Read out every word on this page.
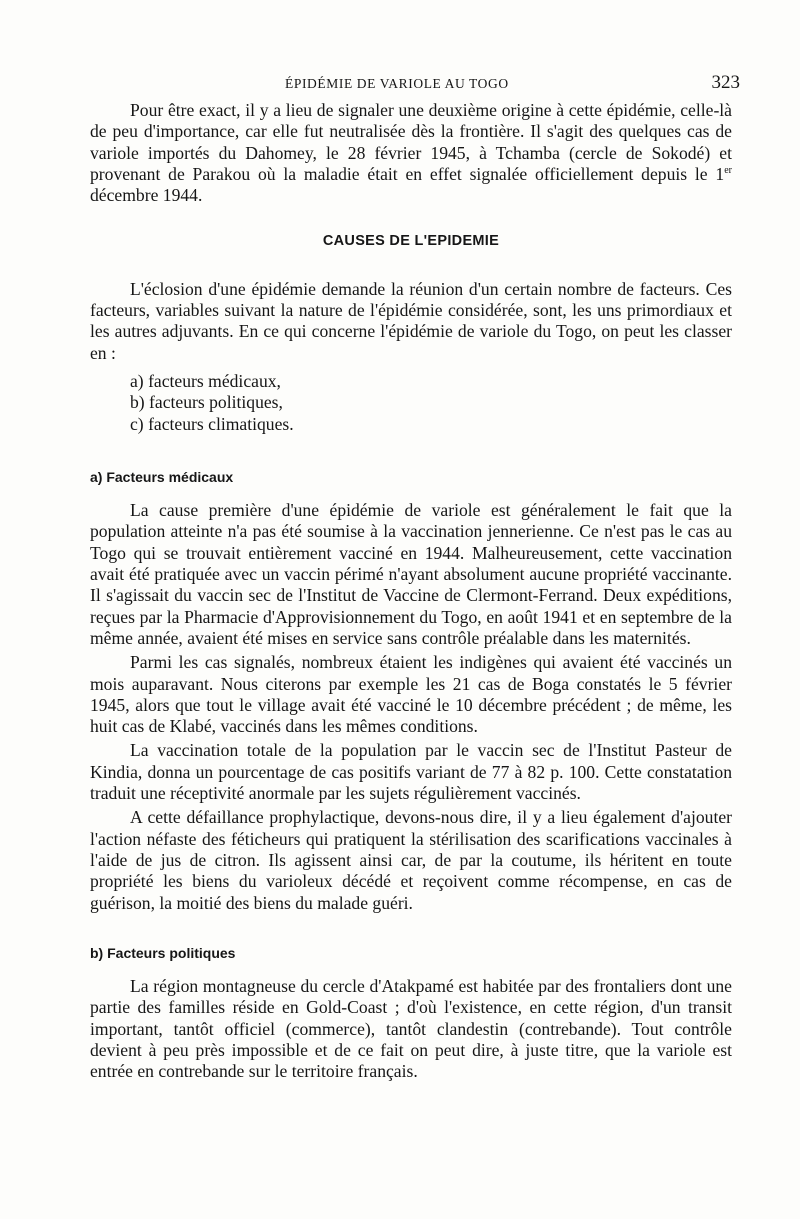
ÉPIDÉMIE DE VARIOLE AU TOGO	323

Pour être exact, il y a lieu de signaler une deuxième origine à cette épidémie, celle-là de peu d'importance, car elle fut neutralisée dès la frontière. Il s'agit des quelques cas de variole importés du Dahomey, le 28 février 1945, à Tchamba (cercle de Sokodé) et provenant de Parakou où la maladie était en effet signalée officiellement depuis le 1er décembre 1944.

CAUSES DE L'EPIDEMIE

L'éclosion d'une épidémie demande la réunion d'un certain nombre de facteurs. Ces facteurs, variables suivant la nature de l'épidémie considérée, sont, les uns primordiaux et les autres adjuvants. En ce qui concerne l'épidémie de variole du Togo, on peut les classer en :

a) facteurs médicaux,
b) facteurs politiques,
c) facteurs climatiques.
a) Facteurs médicaux

La cause première d'une épidémie de variole est généralement le fait que la population atteinte n'a pas été soumise à la vaccination jennerienne. Ce n'est pas le cas au Togo qui se trouvait entièrement vacciné en 1944. Malheureusement, cette vaccination avait été pratiquée avec un vaccin périmé n'ayant absolument aucune propriété vaccinante. Il s'agissait du vaccin sec de l'Institut de Vaccine de Clermont-Ferrand. Deux expéditions, reçues par la Pharmacie d'Approvisionnement du Togo, en août 1941 et en septembre de la même année, avaient été mises en service sans contrôle préalable dans les maternités.

Parmi les cas signalés, nombreux étaient les indigènes qui avaient été vaccinés un mois auparavant. Nous citerons par exemple les 21 cas de Boga constatés le 5 février 1945, alors que tout le village avait été vacciné le 10 décembre précédent ; de même, les huit cas de Klabé, vaccinés dans les mêmes conditions.

La vaccination totale de la population par le vaccin sec de l'Institut Pasteur de Kindia, donna un pourcentage de cas positifs variant de 77 à 82 p. 100. Cette constatation traduit une réceptivité anormale par les sujets régulièrement vaccinés.

A cette défaillance prophylactique, devons-nous dire, il y a lieu également d'ajouter l'action néfaste des féticheurs qui pratiquent la stérilisation des scarifications vaccinales à l'aide de jus de citron. Ils agissent ainsi car, de par la coutume, ils héritent en toute propriété les biens du varioleux décédé et reçoivent comme récompense, en cas de guérison, la moitié des biens du malade guéri.

b) Facteurs politiques

La région montagneuse du cercle d'Atakpamé est habitée par des frontaliers dont une partie des familles réside en Gold-Coast ; d'où l'existence, en cette région, d'un transit important, tantôt officiel (commerce), tantôt clandestin (contrebande). Tout contrôle devient à peu près impossible et de ce fait on peut dire, à juste titre, que la variole est entrée en contrebande sur le territoire français.
